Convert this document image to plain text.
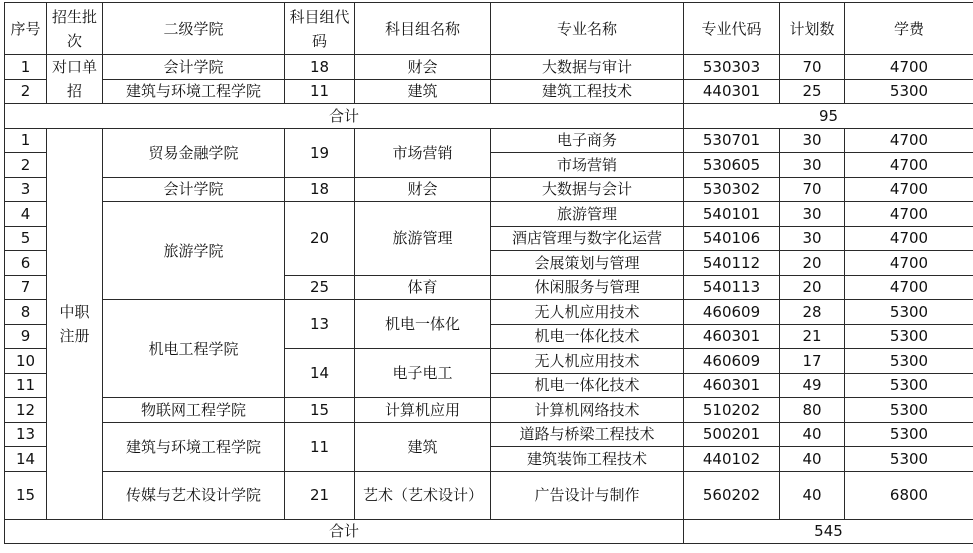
序号	招生批次	二级学院	科目组代码	科目组名称	专业名称	专业代码	计划数	学费
1	对口单招	会计学院	18	财会	大数据与审计	530303	70	4700
2		建筑与环境工程学院	11	建筑	建筑工程技术	440301	25	5300
合计						95		
1	中职注册	贸易金融学院	19	市场营销	电子商务	530701	30	4700
2					市场营销	530605	30	4700
3		会计学院	18	财会	大数据与会计	530302	70	4700
4		旅游学院	20	旅游管理	旅游管理	540101	30	4700
5					酒店管理与数字化运营	540106	30	4700
6					会展策划与管理	540112	20	4700
7			25	体育	休闲服务与管理	540113	20	4700
8		机电工程学院	13	机电一体化	无人机应用技术	460609	28	5300
9					机电一体化技术	460301	21	5300
10			14	电子电工	无人机应用技术	460609	17	5300
11					机电一体化技术	460301	49	5300
12		物联网工程学院	15	计算机应用	计算机网络技术	510202	80	5300
13		建筑与环境工程学院	11	建筑	道路与桥梁工程技术	500201	40	5300
14					建筑装饰工程技术	440102	40	5300
15		传媒与艺术设计学院	21	艺术（艺术设计）	广告设计与制作	560202	40	6800
合计						545		
